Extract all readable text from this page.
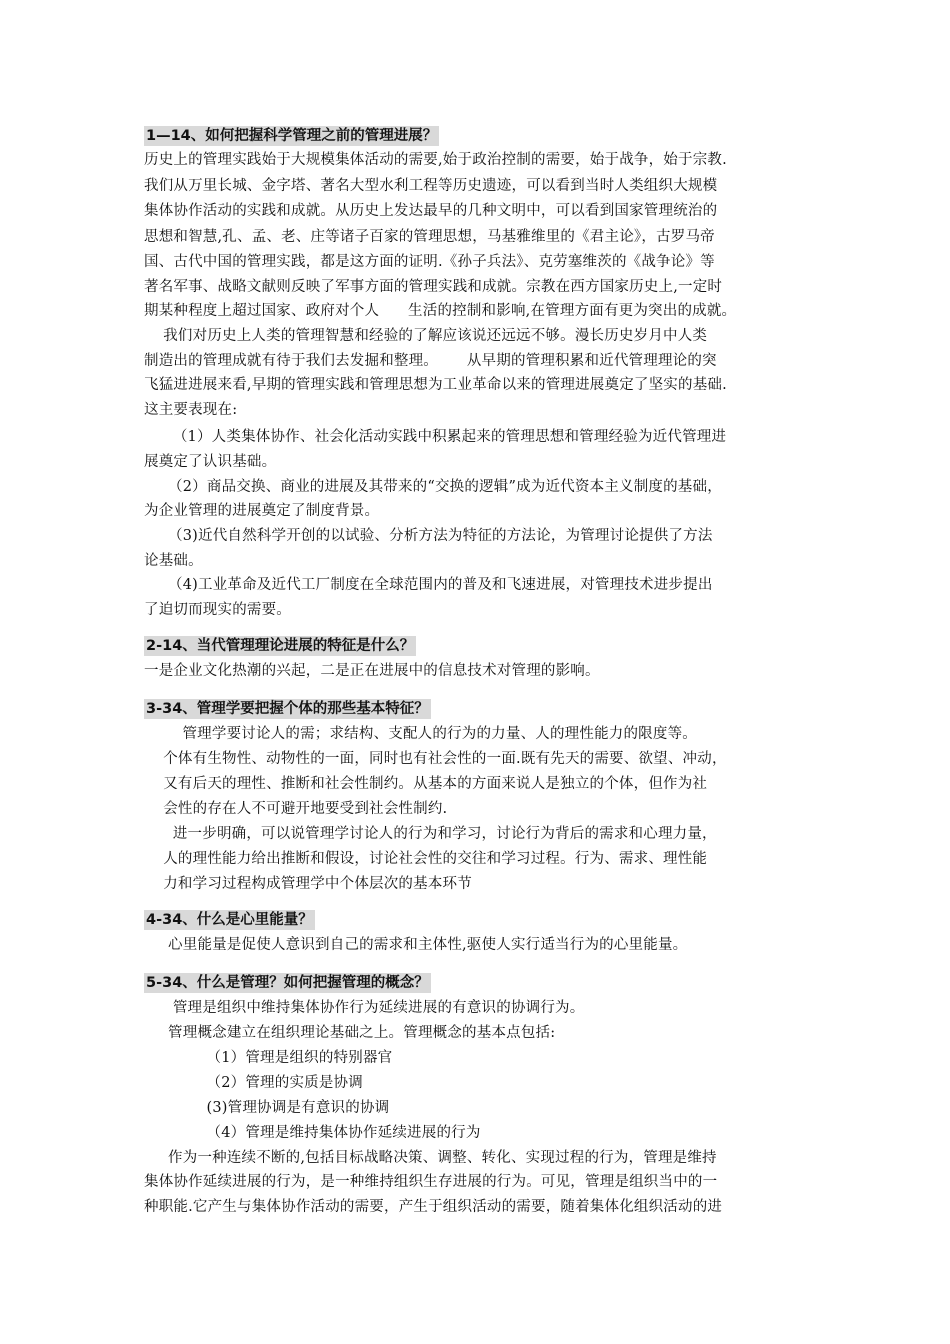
1—14、如何把握科学管理之前的管理进展？
历史上的管理实践始于大规模集体活动的需要,始于政治控制的需要，始于战争，始于宗教.
我们从万里长城、金字塔、著名大型水利工程等历史遗迹，可以看到当时人类组织大规模
集体协作活动的实践和成就。从历史上发达最早的几种文明中，可以看到国家管理统治的
思想和智慧,孔、孟、老、庄等诸子百家的管理思想，马基雅维里的《君主论》，古罗马帝
国、古代中国的管理实践，都是这方面的证明.《孙子兵法》、克劳塞维茨的《战争论》等
著名军事、战略文献则反映了军事方面的管理实践和成就。宗教在西方国家历史上,一定时
期某种程度上超过国家、政府对个人      生活的控制和影响,在管理方面有更为突出的成就。
我们对历史上人类的管理智慧和经验的了解应该说还远远不够。漫长历史岁月中人类
制造出的管理成就有待于我们去发掘和整理。      从早期的管理积累和近代管理理论的突
飞猛进进展来看,早期的管理实践和管理思想为工业革命以来的管理进展奠定了坚实的基础.
这主要表现在:
（1）人类集体协作、社会化活动实践中积累起来的管理思想和管理经验为近代管理进
展奠定了认识基础。
（2）商品交换、商业的进展及其带来的“交换的逻辑”成为近代资本主义制度的基础，
为企业管理的进展奠定了制度背景。
（3)近代自然科学开创的以试验、分析方法为特征的方法论，为管理讨论提供了方法
论基础。
（4)工业革命及近代工厂制度在全球范围内的普及和飞速进展，对管理技术进步提出
了迫切而现实的需要。
2-14、当代管理理论进展的特征是什么？
一是企业文化热潮的兴起，二是正在进展中的信息技术对管理的影响。
3-34、管理学要把握个体的那些基本特征？
管理学要讨论人的需；求结构、支配人的行为的力量、人的理性能力的限度等。
个体有生物性、动物性的一面，同时也有社会性的一面.既有先天的需要、欲望、冲动，
又有后天的理性、推断和社会性制约。从基本的方面来说人是独立的个体，但作为社
会性的存在人不可避开地要受到社会性制约.
进一步明确，可以说管理学讨论人的行为和学习，讨论行为背后的需求和心理力量，
人的理性能力给出推断和假设，讨论社会性的交往和学习过程。行为、需求、理性能
力和学习过程构成管理学中个体层次的基本环节
4-34、什么是心里能量？
心里能量是促使人意识到自己的需求和主体性,驱使人实行适当行为的心里能量。
5-34、什么是管理？如何把握管理的概念？
管理是组织中维持集体协作行为延续进展的有意识的协调行为。
管理概念建立在组织理论基础之上。管理概念的基本点包括:
（1）管理是组织的特别器官
（2）管理的实质是协调
(3)管理协调是有意识的协调
（4）管理是维持集体协作延续进展的行为
作为一种连续不断的,包括目标战略决策、调整、转化、实现过程的行为，管理是维持
集体协作延续进展的行为，是一种维持组织生存进展的行为。可见，管理是组织当中的一
种职能.它产生与集体协作活动的需要，产生于组织活动的需要，随着集体化组织活动的进
